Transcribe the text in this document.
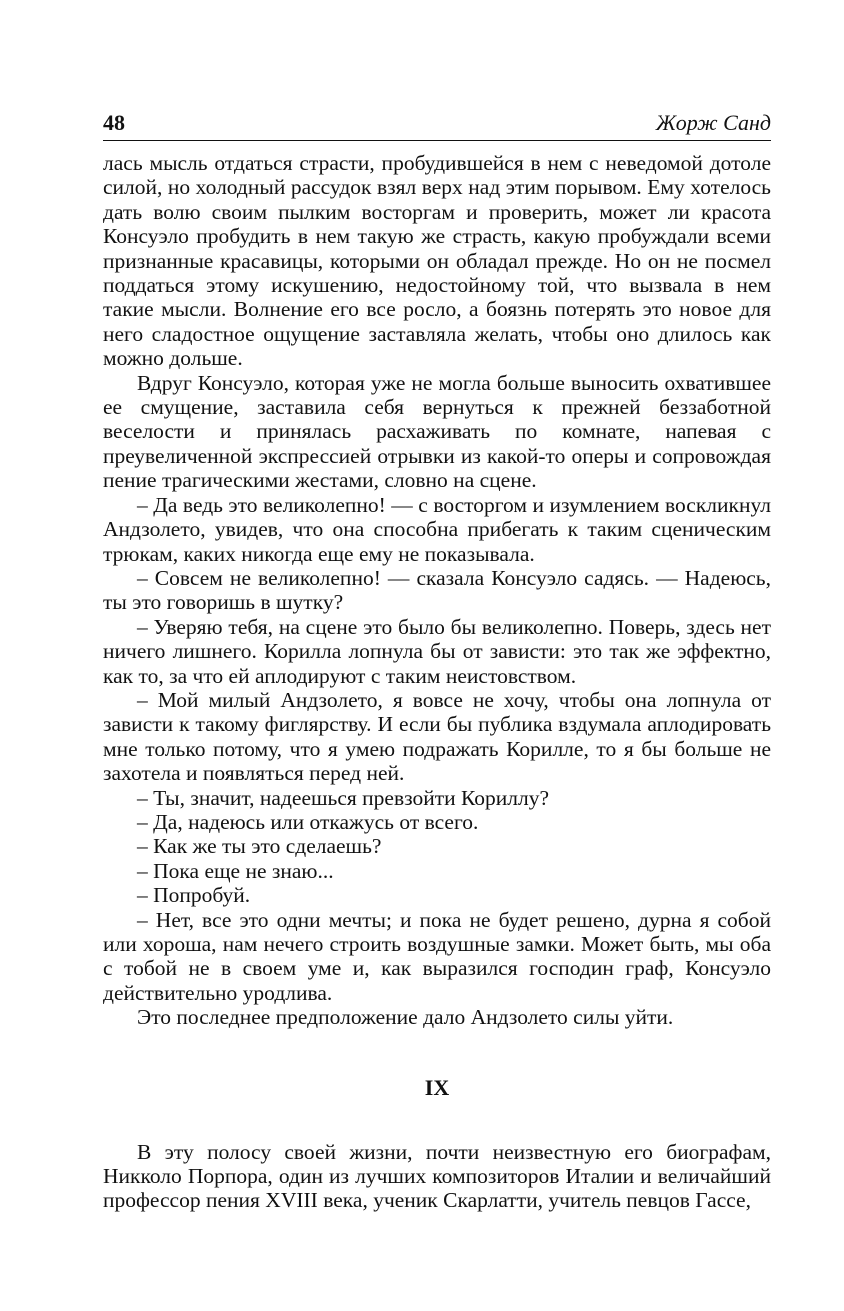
48	Жорж Санд

лась мысль отдаться страсти, пробудившейся в нем с неведомой дотоле силой, но холодный рассудок взял верх над этим порывом. Ему хотелось дать волю своим пылким восторгам и проверить, может ли красота Консуэло пробудить в нем такую же страсть, какую пробуждали всеми признанные красавицы, которыми он обладал прежде. Но он не посмел поддаться этому искушению, недостойному той, что вызвала в нем такие мысли. Волнение его все росло, а боязнь потерять это новое для него сладостное ощущение заставляла желать, чтобы оно длилось как можно дольше.

Вдруг Консуэло, которая уже не могла больше выносить охватившее ее смущение, заставила себя вернуться к прежней беззаботной веселости и принялась расхаживать по комнате, напевая с преувеличенной экспрессией отрывки из какой-то оперы и сопровождая пение трагическими жестами, словно на сцене.

– Да ведь это великолепно! — с восторгом и изумлением воскликнул Андзолето, увидев, что она способна прибегать к таким сценическим трюкам, каких никогда еще ему не показывала.

– Совсем не великолепно! — сказала Консуэло садясь. — Надеюсь, ты это говоришь в шутку?

– Уверяю тебя, на сцене это было бы великолепно. Поверь, здесь нет ничего лишнего. Корилла лопнула бы от зависти: это так же эффектно, как то, за что ей аплодируют с таким неистовством.

– Мой милый Андзолето, я вовсе не хочу, чтобы она лопнула от зависти к такому фиглярству. И если бы публика вздумала аплодировать мне только потому, что я умею подражать Корилле, то я бы больше не захотела и появляться перед ней.

– Ты, значит, надеешься превзойти Кориллу?

– Да, надеюсь или откажусь от всего.

– Как же ты это сделаешь?

– Пока еще не знаю...

– Попробуй.

– Нет, все это одни мечты; и пока не будет решено, дурна я собой или хороша, нам нечего строить воздушные замки. Может быть, мы оба с тобой не в своем уме и, как выразился господин граф, Консуэло действительно уродлива.

Это последнее предположение дало Андзолето силы уйти.

IX

В эту полосу своей жизни, почти неизвестную его биографам, Никколо Порпора, один из лучших композиторов Италии и величайший профессор пения XVIII века, ученик Скарлатти, учитель певцов Гассе,
